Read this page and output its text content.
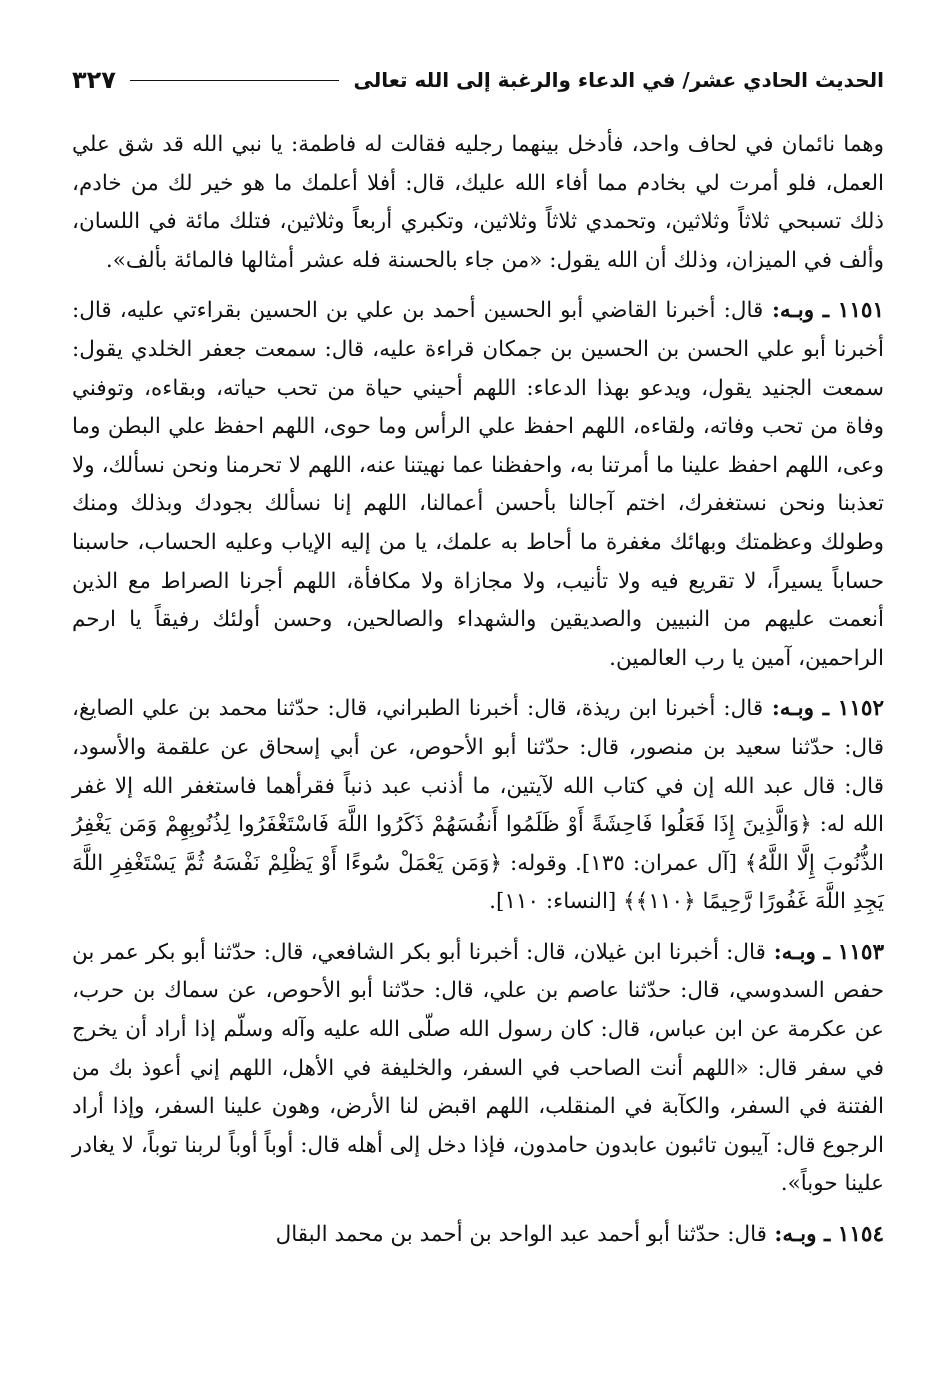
الحديث الحادي عشر/ في الدعاء والرغبة إلى الله تعالى
٣٢٧

وهما نائمان في لحاف واحد، فأدخل بينهما رجليه فقالت له فاطمة: يا نبي الله قد شق علي العمل، فلو أمرت لي بخادم مما أفاء الله عليك، قال: أفلا أعلمك ما هو خير لك من خادم، ذلك تسبحي ثلاثاً وثلاثين، وتحمدي ثلاثاً وثلاثين، وتكبري أربعاً وثلاثين، فتلك مائة في اللسان، وألف في الميزان، وذلك أن الله يقول: «من جاء بالحسنة فله عشر أمثالها فالمائة بألف».

١١٥١ ـ وبـه: قال: أخبرنا القاضي أبو الحسين أحمد بن علي بن الحسين بقراءتي عليه، قال: أخبرنا أبو علي الحسن بن الحسين بن جمكان قراءة عليه، قال: سمعت جعفر الخلدي يقول: سمعت الجنيد يقول، ويدعو بهذا الدعاء: اللهم أحيني حياة من تحب حياته، وبقاءه، وتوفني وفاة من تحب وفاته، ولقاءه، اللهم احفظ علي الرأس وما حوى، اللهم احفظ علي البطن وما وعى، اللهم احفظ علينا ما أمرتنا به، واحفظنا عما نهيتنا عنه، اللهم لا تحرمنا ونحن نسألك، ولا تعذبنا ونحن نستغفرك، اختم آجالنا بأحسن أعمالنا، اللهم إنا نسألك بجودك وبذلك ومنك وطولك وعظمتك وبهائك مغفرة ما أحاط به علمك، يا من إليه الإياب وعليه الحساب، حاسبنا حساباً يسيراً، لا تقريع فيه ولا تأنيب، ولا مجازاة ولا مكافأة، اللهم أجرنا الصراط مع الذين أنعمت عليهم من النبيين والصديقين والشهداء والصالحين، وحسن أولئك رفيقاً يا ارحم الراحمين، آمين يا رب العالمين.

١١٥٢ ـ وبـه: قال: أخبرنا ابن ريذة، قال: أخبرنا الطبراني، قال: حدّثنا محمد بن علي الصايغ، قال: حدّثنا سعيد بن منصور، قال: حدّثنا أبو الأحوص، عن أبي إسحاق عن علقمة والأسود، قال: قال عبد الله إن في كتاب الله لآيتين، ما أذنب عبد ذنباً فقرأهما فاستغفر الله إلا غفر الله له: ﴿وَالَّذِينَ إِذَا فَعَلُوا فَاحِشَةً أَوْ ظَلَمُوا أَنفُسَهُمْ ذَكَرُوا اللَّهَ فَاسْتَغْفَرُوا لِذُنُوبِهِمْ وَمَن يَغْفِرُ الذُّنُوبَ إِلَّا اللَّهُ﴾ [آل عمران: ١٣٥]. وقوله: ﴿وَمَن يَعْمَلْ سُوءًا أَوْ يَظْلِمْ نَفْسَهُ ثُمَّ يَسْتَغْفِرِ اللَّهَ يَجِدِ اللَّهَ غَفُورًا رَّحِيمًا ﴿١١٠﴾﴾ [النساء: ١١٠].

١١٥٣ ـ وبـه: قال: أخبرنا ابن غيلان، قال: أخبرنا أبو بكر الشافعي، قال: حدّثنا أبو بكر عمر بن حفص السدوسي، قال: حدّثنا عاصم بن علي، قال: حدّثنا أبو الأحوص، عن سماك بن حرب، عن عكرمة عن ابن عباس، قال: كان رسول الله صلّى الله عليه وآله وسلّم إذا أراد أن يخرج في سفر قال: «اللهم أنت الصاحب في السفر، والخليفة في الأهل، اللهم إني أعوذ بك من الفتنة في السفر، والكآبة في المنقلب، اللهم اقبض لنا الأرض، وهون علينا السفر، وإذا أراد الرجوع قال: آيبون تائبون عابدون حامدون، فإذا دخل إلى أهله قال: أوباً أوباً لربنا توباً، لا يغادر علينا حوباً».

١١٥٤ ـ وبـه: قال: حدّثنا أبو أحمد عبد الواحد بن أحمد بن محمد البقال
